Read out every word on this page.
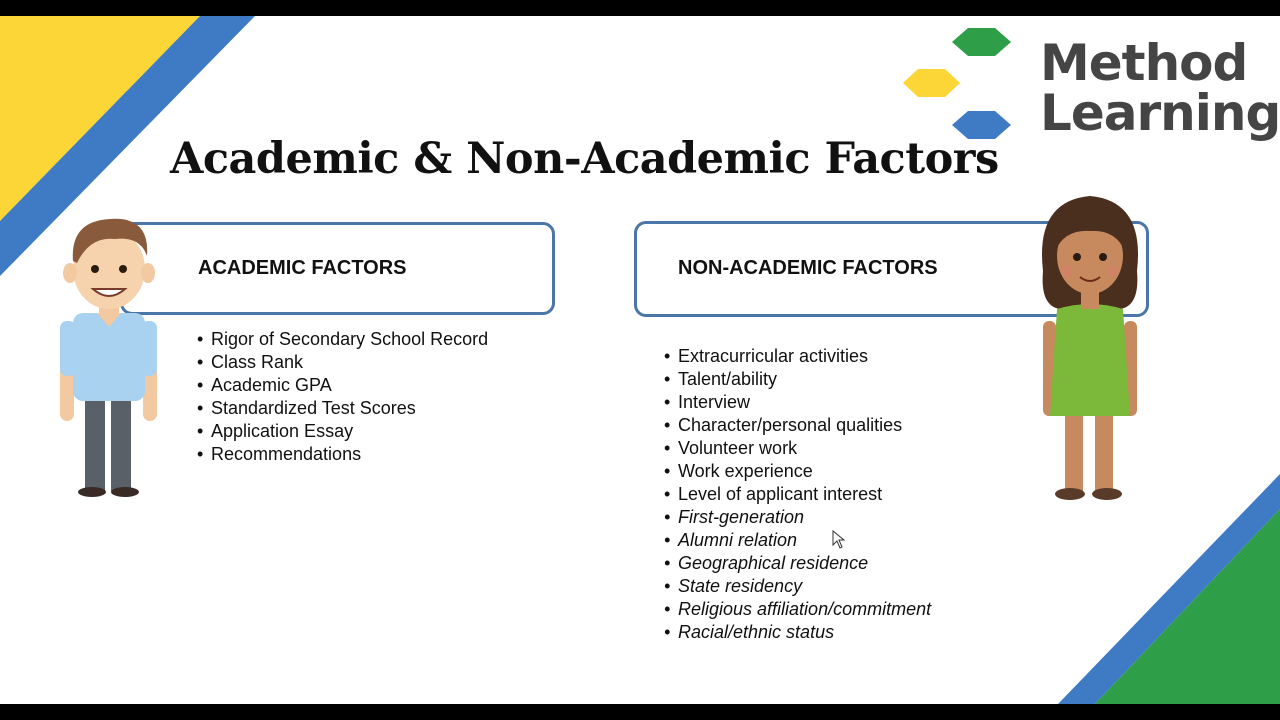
Method
Learning
Academic & Non-Academic Factors
ACADEMIC FACTORS	NON-ACADEMIC FACTORS
• Rigor of Secondary School Record
• Class Rank
• Academic GPA
• Standardized Test Scores
• Application Essay
• Recommendations
• Extracurricular activities
• Talent/ability
• Interview
• Character/personal qualities
• Volunteer work
• Work experience
• Level of applicant interest
• First-generation
• Alumni relation
• Geographical residence
• State residency
• Religious affiliation/commitment
• Racial/ethnic status
